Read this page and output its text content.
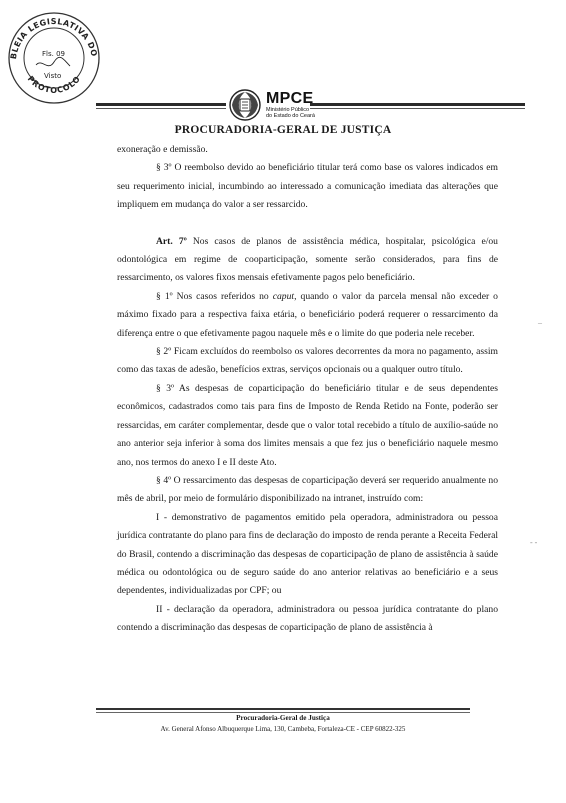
BLEIA LEGISLATIVA DO
PROTOCOLO
Fls. 09
Visto
MPCE
Ministério Público
do Estado do Ceará
PROCURADORIA-GERAL DE JUSTIÇA

exoneração e demissão.

§ 3º O reembolso devido ao beneficiário titular terá como base os valores indicados em seu requerimento inicial, incumbindo ao interessado a comunicação imediata das alterações que impliquem em mudança do valor a ser ressarcido.

Art. 7º Nos casos de planos de assistência médica, hospitalar, psicológica e/ou odontológica em regime de cooparticipação, somente serão considerados, para fins de ressarcimento, os valores fixos mensais efetivamente pagos pelo beneficiário.

§ 1º Nos casos referidos no caput, quando o valor da parcela mensal não exceder o máximo fixado para a respectiva faixa etária, o beneficiário poderá requerer o ressarcimento da diferença entre o que efetivamente pagou naquele mês e o limite do que poderia nele receber.

§ 2º Ficam excluídos do reembolso os valores decorrentes da mora no pagamento, assim como das taxas de adesão, benefícios extras, serviços opcionais ou a qualquer outro título.

§ 3º As despesas de coparticipação do beneficiário titular e de seus dependentes econômicos, cadastrados como tais para fins de Imposto de Renda Retido na Fonte, poderão ser ressarcidas, em caráter complementar, desde que o valor total recebido a título de auxílio-saúde no ano anterior seja inferior à soma dos limites mensais a que fez jus o beneficiário naquele mesmo ano, nos termos do anexo I e II deste Ato.

§ 4º O ressarcimento das despesas de coparticipação deverá ser requerido anualmente no mês de abril, por meio de formulário disponibilizado na intranet, instruído com:

I - demonstrativo de pagamentos emitido pela operadora, administradora ou pessoa jurídica contratante do plano para fins de declaração do imposto de renda perante a Receita Federal do Brasil, contendo a discriminação das despesas de coparticipação de plano de assistência à saúde médica ou odontológica ou de seguro saúde do ano anterior relativas ao beneficiário e a seus dependentes, individualizadas por CPF; ou

II - declaração da operadora, administradora ou pessoa jurídica contratante do plano contendo a discriminação das despesas de coparticipação de plano de assistência à

–
- -

Procuradoria-Geral de Justiça

Av. General Afonso Albuquerque Lima, 130, Cambeba, Fortaleza-CE - CEP 60822-325
